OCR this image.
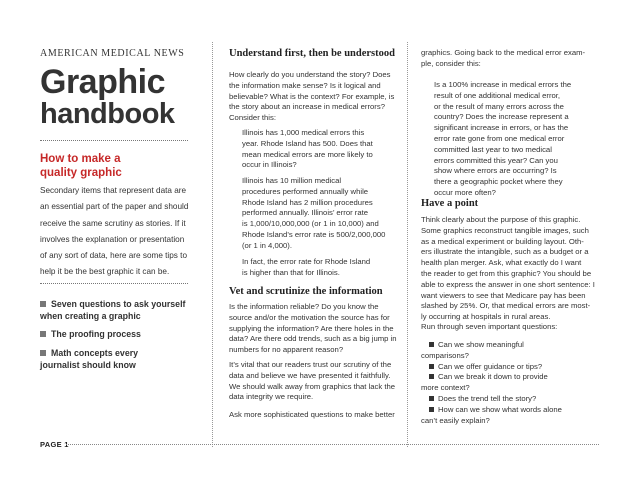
AMERICAN MEDICAL NEWS
Graphic
handbook
How to make a
quality graphic
Secondary items that represent data are
an essential part of the paper and should
receive the same scrutiny as stories. If it
involves the explanation or presentation
of any sort of data, here are some tips to
help it be the best graphic it can be.
Seven questions to ask yourself
when creating a graphic
The proofing process
Math concepts every
journalist should know
Understand first, then be understood
How clearly do you understand the story? Does
the information make sense? Is it logical and
believable? What is the context? For example, is
the story about an increase in medical errors?
Consider this:
Illinois has 1,000 medical errors this
year. Rhode Island has 500. Does that
mean medical errors are more likely to
occur in Illinois?
Illinois has 10 million medical
procedures performed annually while
Rhode Island has 2 million procedures
performed annually. Illinois’ error rate
is 1,000/10,000,000 (or 1 in 10,000) and
Rhode Island’s error rate is 500/2,000,000
(or 1 in 4,000).
In fact, the error rate for Rhode Island
is higher than that for Illinois.
Vet and scrutinize the information
Is the information reliable? Do you know the
source and/or the motivation the source has for
supplying the information? Are there holes in the
data? Are there odd trends, such as a big jump in
numbers for no apparent reason?
It’s vital that our readers trust our scrutiny of the
data and believe we have presented it faithfully.
We should walk away from graphics that lack the
data integrity we require.
Ask more sophisticated questions to make better
graphics. Going back to the medical error exam-
ple, consider this:
Is a 100% increase in medical errors the
result of one additional medical error,
or the result of many errors across the
country? Does the increase represent a
significant increase in errors, or has the
error rate gone from one medical error
committed last year to two medical
errors committed this year? Can you
show where errors are occurring? Is
there a geographic pocket where they
occur more often?
Have a point
Think clearly about the purpose of this graphic.
Some graphics reconstruct tangible images, such
as a medical experiment or building layout. Oth-
ers illustrate the intangible, such as a budget or a
health plan merger. Ask, what exactly do I want
the reader to get from this graphic? You should be
able to express the answer in one short sentence: I
want viewers to see that Medicare pay has been
slashed by 25%. Or, that medical errors are most-
ly occurring at hospitals in rural areas.
Run through seven important questions:
Can we show meaningful
comparisons?
Can we offer guidance or tips?
Can we break it down to provide
more context?
Does the trend tell the story?
How can we show what words alone
can’t easily explain?
PAGE 1
